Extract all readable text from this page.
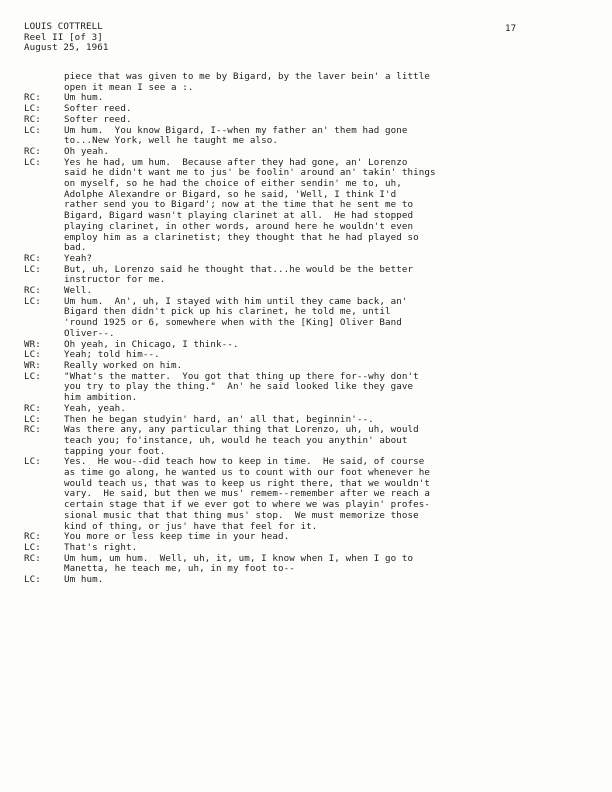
LOUIS COTTRELL
Reel II [of 3]
August 25, 1961
17
piece that was given to me by Bigard, by the laver bein' a little
open it mean I see a :.
RC:	Um hum.
LC:	Softer reed.
RC:	Softer reed.
LC:	Um hum.  You know Bigard, I--when my father an' them had gone
to...New York, well he taught me also.
RC:	Oh yeah.
LC:	Yes he had, um hum.  Because after they had gone, an' Lorenzo
said he didn't want me to jus' be foolin' around an' takin' things
on myself, so he had the choice of either sendin' me to, uh,
Adolphe Alexandre or Bigard, so he said, 'Well, I think I'd
rather send you to Bigard'; now at the time that he sent me to
Bigard, Bigard wasn't playing clarinet at all.  He had stopped
playing clarinet, in other words, around here he wouldn't even
employ him as a clarinetist; they thought that he had played so
bad.
RC:	Yeah?
LC:	But, uh, Lorenzo said he thought that...he would be the better
instructor for me.
RC:	Well.
LC:	Um hum.  An', uh, I stayed with him until they came back, an'
Bigard then didn't pick up his clarinet, he told me, until
'round 1925 or 6, somewhere when with the [King] Oliver Band
Oliver--.
WR:	Oh yeah, in Chicago, I think--.
LC:	Yeah; told him--.
WR:	Really worked on him.
LC:	"What's the matter.  You got that thing up there for--why don't
you try to play the thing."  An' he said looked like they gave
him ambition.
RC:	Yeah, yeah.
LC:	Then he began studyin' hard, an' all that, beginnin'--.
RC:	Was there any, any particular thing that Lorenzo, uh, uh, would
teach you; fo'instance, uh, would he teach you anythin' about
tapping your foot.
LC:	Yes.  He wou--did teach how to keep in time.  He said, of course
as time go along, he wanted us to count with our foot whenever he
would teach us, that was to keep us right there, that we wouldn't
vary.  He said, but then we mus' remem--remember after we reach a
certain stage that if we ever got to where we was playin' profes-
sional music that that thing mus' stop.  We must memorize those
kind of thing, or jus' have that feel for it.
RC:	You more or less keep time in your head.
LC:	That's right.
RC:	Um hum, um hum.  Well, uh, it, um, I know when I, when I go to
Manetta, he teach me, uh, in my foot to--
LC:	Um hum.
